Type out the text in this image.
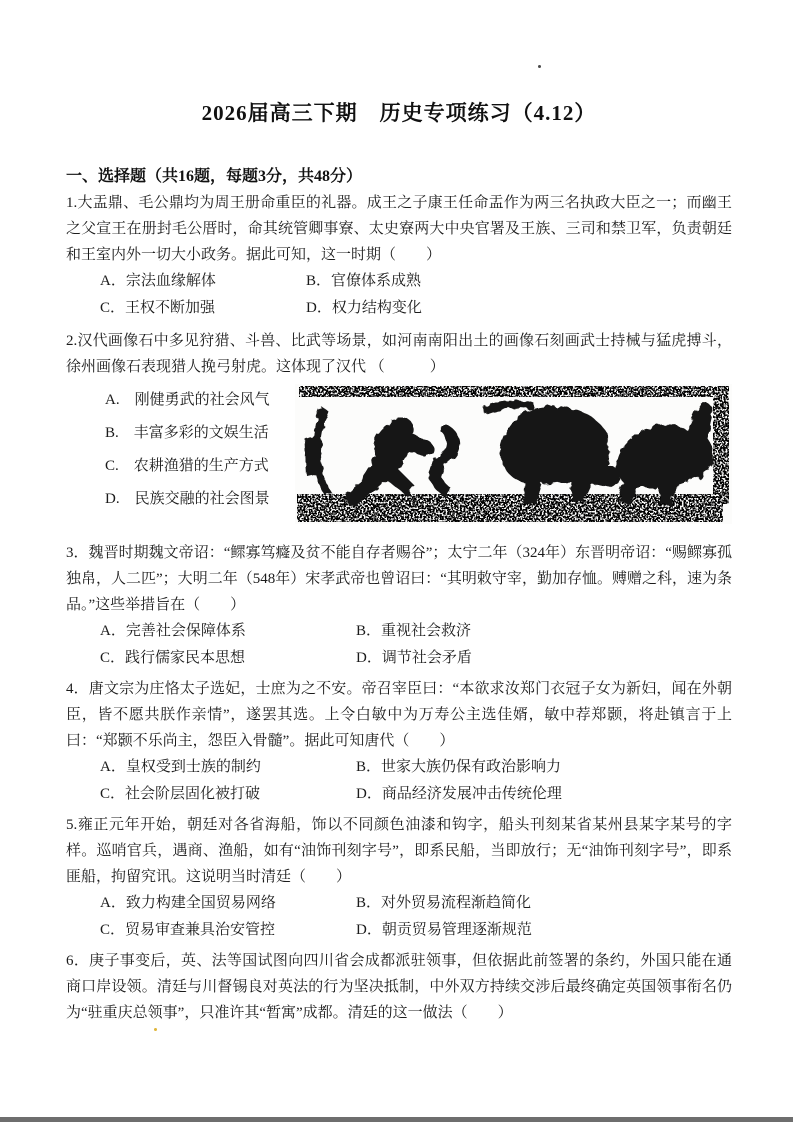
2026届高三下期　历史专项练习（4.12）
一、选择题（共16题，每题3分，共48分）

1.大盂鼎、毛公鼎均为周王册命重臣的礼器。成王之子康王任命盂作为两三名执政大臣之一；而幽王之父宣王在册封毛公厝时，命其统管卿事寮、太史寮两大中央官署及王族、三司和禁卫军，负责朝廷和王室内外一切大小政务。据此可知，这一时期（　　）

A．宗法血缘解体	B．官僚体系成熟
C．王权不断加强	D．权力结构变化

2.汉代画像石中多见狩猎、斗兽、比武等场景，如河南南阳出土的画像石刻画武士持械与猛虎搏斗，徐州画像石表现猎人挽弓射虎。这体现了汉代 （　　　）

A.　刚健勇武的社会风气
B.　丰富多彩的文娱生活
C.　农耕渔猎的生产方式
D.　民族交融的社会图景

3．魏晋时期魏文帝诏：“鳏寡笃癃及贫不能自存者赐谷”；太宁二年（324年）东晋明帝诏：“赐鳏寡孤独帛，人二匹”；大明二年（548年）宋孝武帝也曾诏曰：“其明敕守宰，勤加存恤。赙赠之科，速为条品。”这些举措旨在（　　）

A．完善社会保障体系	B．重视社会救济
C．践行儒家民本思想	D．调节社会矛盾

4．唐文宗为庄恪太子选妃，士庶为之不安。帝召宰臣曰：“本欲求汝郑门衣冠子女为新妇，闻在外朝臣，皆不愿共朕作亲情”，遂罢其选。上令白敏中为万寿公主选佳婿，敏中荐郑颢，将赴镇言于上曰：“郑颢不乐尚主，怨臣入骨髓”。据此可知唐代（　　）

A．皇权受到士族的制约	B．世家大族仍保有政治影响力
C．社会阶层固化被打破	D．商品经济发展冲击传统伦理

5.雍正元年开始，朝廷对各省海船，饰以不同颜色油漆和钩字，船头刊刻某省某州县某字某号的字样。巡哨官兵，遇商、渔船，如有“油饰刊刻字号”，即系民船，当即放行；无“油饰刊刻字号”，即系匪船，拘留究讯。这说明当时清廷（　　）

A．致力构建全国贸易网络	B．对外贸易流程渐趋简化
C．贸易审查兼具治安管控	D．朝贡贸易管理逐渐规范

6．庚子事变后，英、法等国试图向四川省会成都派驻领事，但依据此前签署的条约，外国只能在通商口岸设领。清廷与川督锡良对英法的行为坚决抵制，中外双方持续交涉后最终确定英国领事衔名仍为“驻重庆总领事”，只准许其“暂寓”成都。清廷的这一做法（　　）
